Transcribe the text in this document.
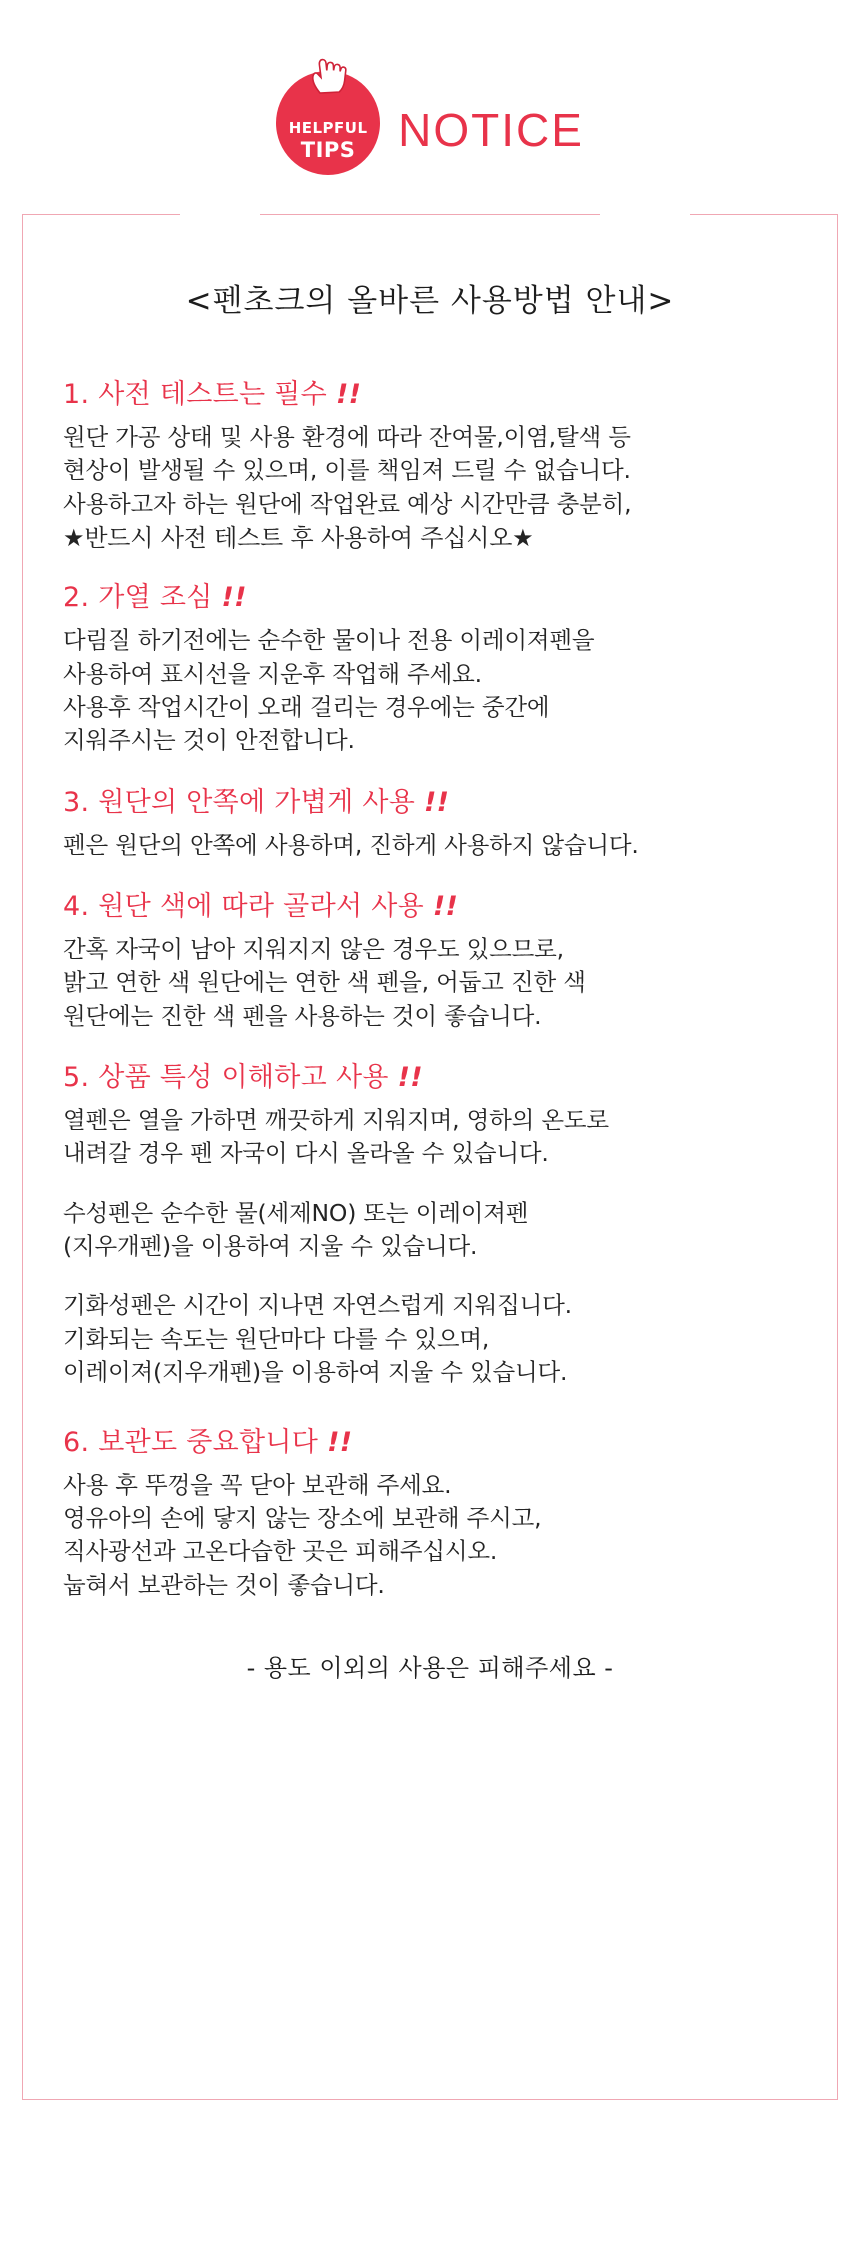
HELPFUL
TIPS NOTICE
<펜초크의 올바른 사용방법 안내>
1. 사전 테스트는 필수 !!

원단 가공 상태 및 사용 환경에 따라 잔여물,이염,탈색 등

현상이 발생될 수 있으며, 이를 책임져 드릴 수 없습니다.

사용하고자 하는 원단에 작업완료 예상 시간만큼 충분히,

★반드시 사전 테스트 후 사용하여 주십시오★

2. 가열 조심 !!

다림질 하기전에는 순수한 물이나 전용 이레이져펜을

사용하여 표시선을 지운후 작업해 주세요.

사용후 작업시간이 오래 걸리는 경우에는 중간에

지워주시는 것이 안전합니다.

3. 원단의 안쪽에 가볍게 사용 !!

펜은 원단의 안쪽에 사용하며, 진하게 사용하지 않습니다.

4. 원단 색에 따라 골라서 사용 !!

간혹 자국이 남아 지워지지 않은 경우도 있으므로,

밝고 연한 색 원단에는 연한 색 펜을, 어둡고 진한 색

원단에는 진한 색 펜을 사용하는 것이 좋습니다.

5. 상품 특성 이해하고 사용 !!

열펜은 열을 가하면 깨끗하게 지워지며, 영하의 온도로

내려갈 경우 펜 자국이 다시 올라올 수 있습니다.

수성펜은 순수한 물(세제NO) 또는 이레이져펜

(지우개펜)을 이용하여 지울 수 있습니다.

기화성펜은 시간이 지나면 자연스럽게 지워집니다.

기화되는 속도는 원단마다 다를 수 있으며,

이레이져(지우개펜)을 이용하여 지울 수 있습니다.

6. 보관도 중요합니다 !!

사용 후 뚜껑을 꼭 닫아 보관해 주세요.

영유아의 손에 닿지 않는 장소에 보관해 주시고,

직사광선과 고온다습한 곳은 피해주십시오.

눕혀서 보관하는 것이 좋습니다.

- 용도 이외의 사용은 피해주세요 -
